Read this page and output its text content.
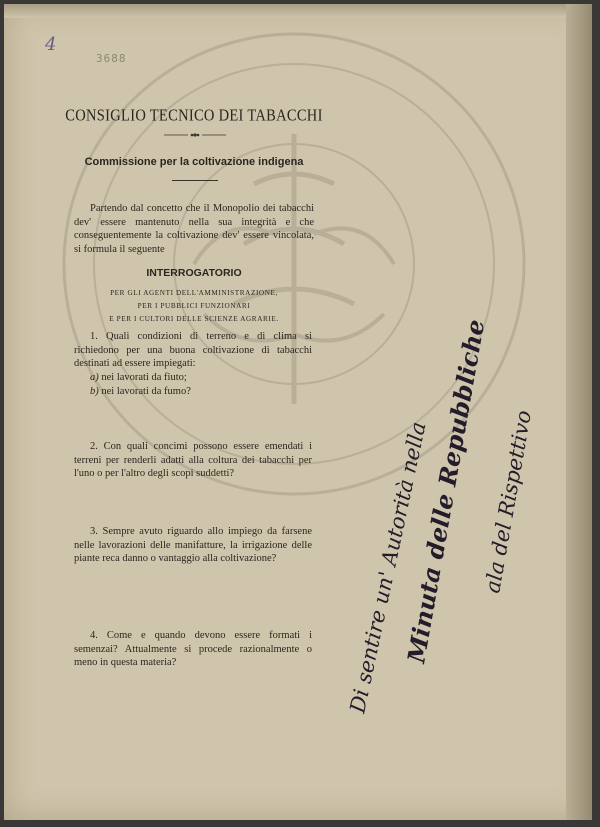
4
3688
CONSIGLIO TECNICO DEI TABACCHI
Commissione per la coltivazione indigena
Partendo dal concetto che il Monopolio dei tabacchi dev' essere mantenuto nella sua integrità e che conseguentemente la coltivazione dev' essere vincolata, si formula il seguente
INTERROGATORIO
PER GLI AGENTI DELL'AMMINISTRAZIONE,
PER I PUBBLICI FUNZIONARI
E PER I CULTORI DELLE SCIENZE AGRARIE.
1. Quali condizioni di terreno e di clima si richiedono per una buona coltivazione di tabacchi destinati ad essere impiegati:
a) nei lavorati da fiuto;
b) nei lavorati da fumo?
2. Con quali concimi possono essere emendati i terreni per renderli adatti alla coltura dei tabacchi per l'uno o per l'altro degli scopi suddetti?
3. Sempre avuto riguardo allo impiego da farsene nelle lavorazioni delle manifatture, la irrigazione delle piante reca danno o vantaggio alla coltivazione?
4. Come e quando devono essere formati i semenzai? Attualmente si procede razionalmente o meno in questa materia?	Di sentire un' Autorità nella
Minuta delle Repubbliche
ala del Rispettivo
